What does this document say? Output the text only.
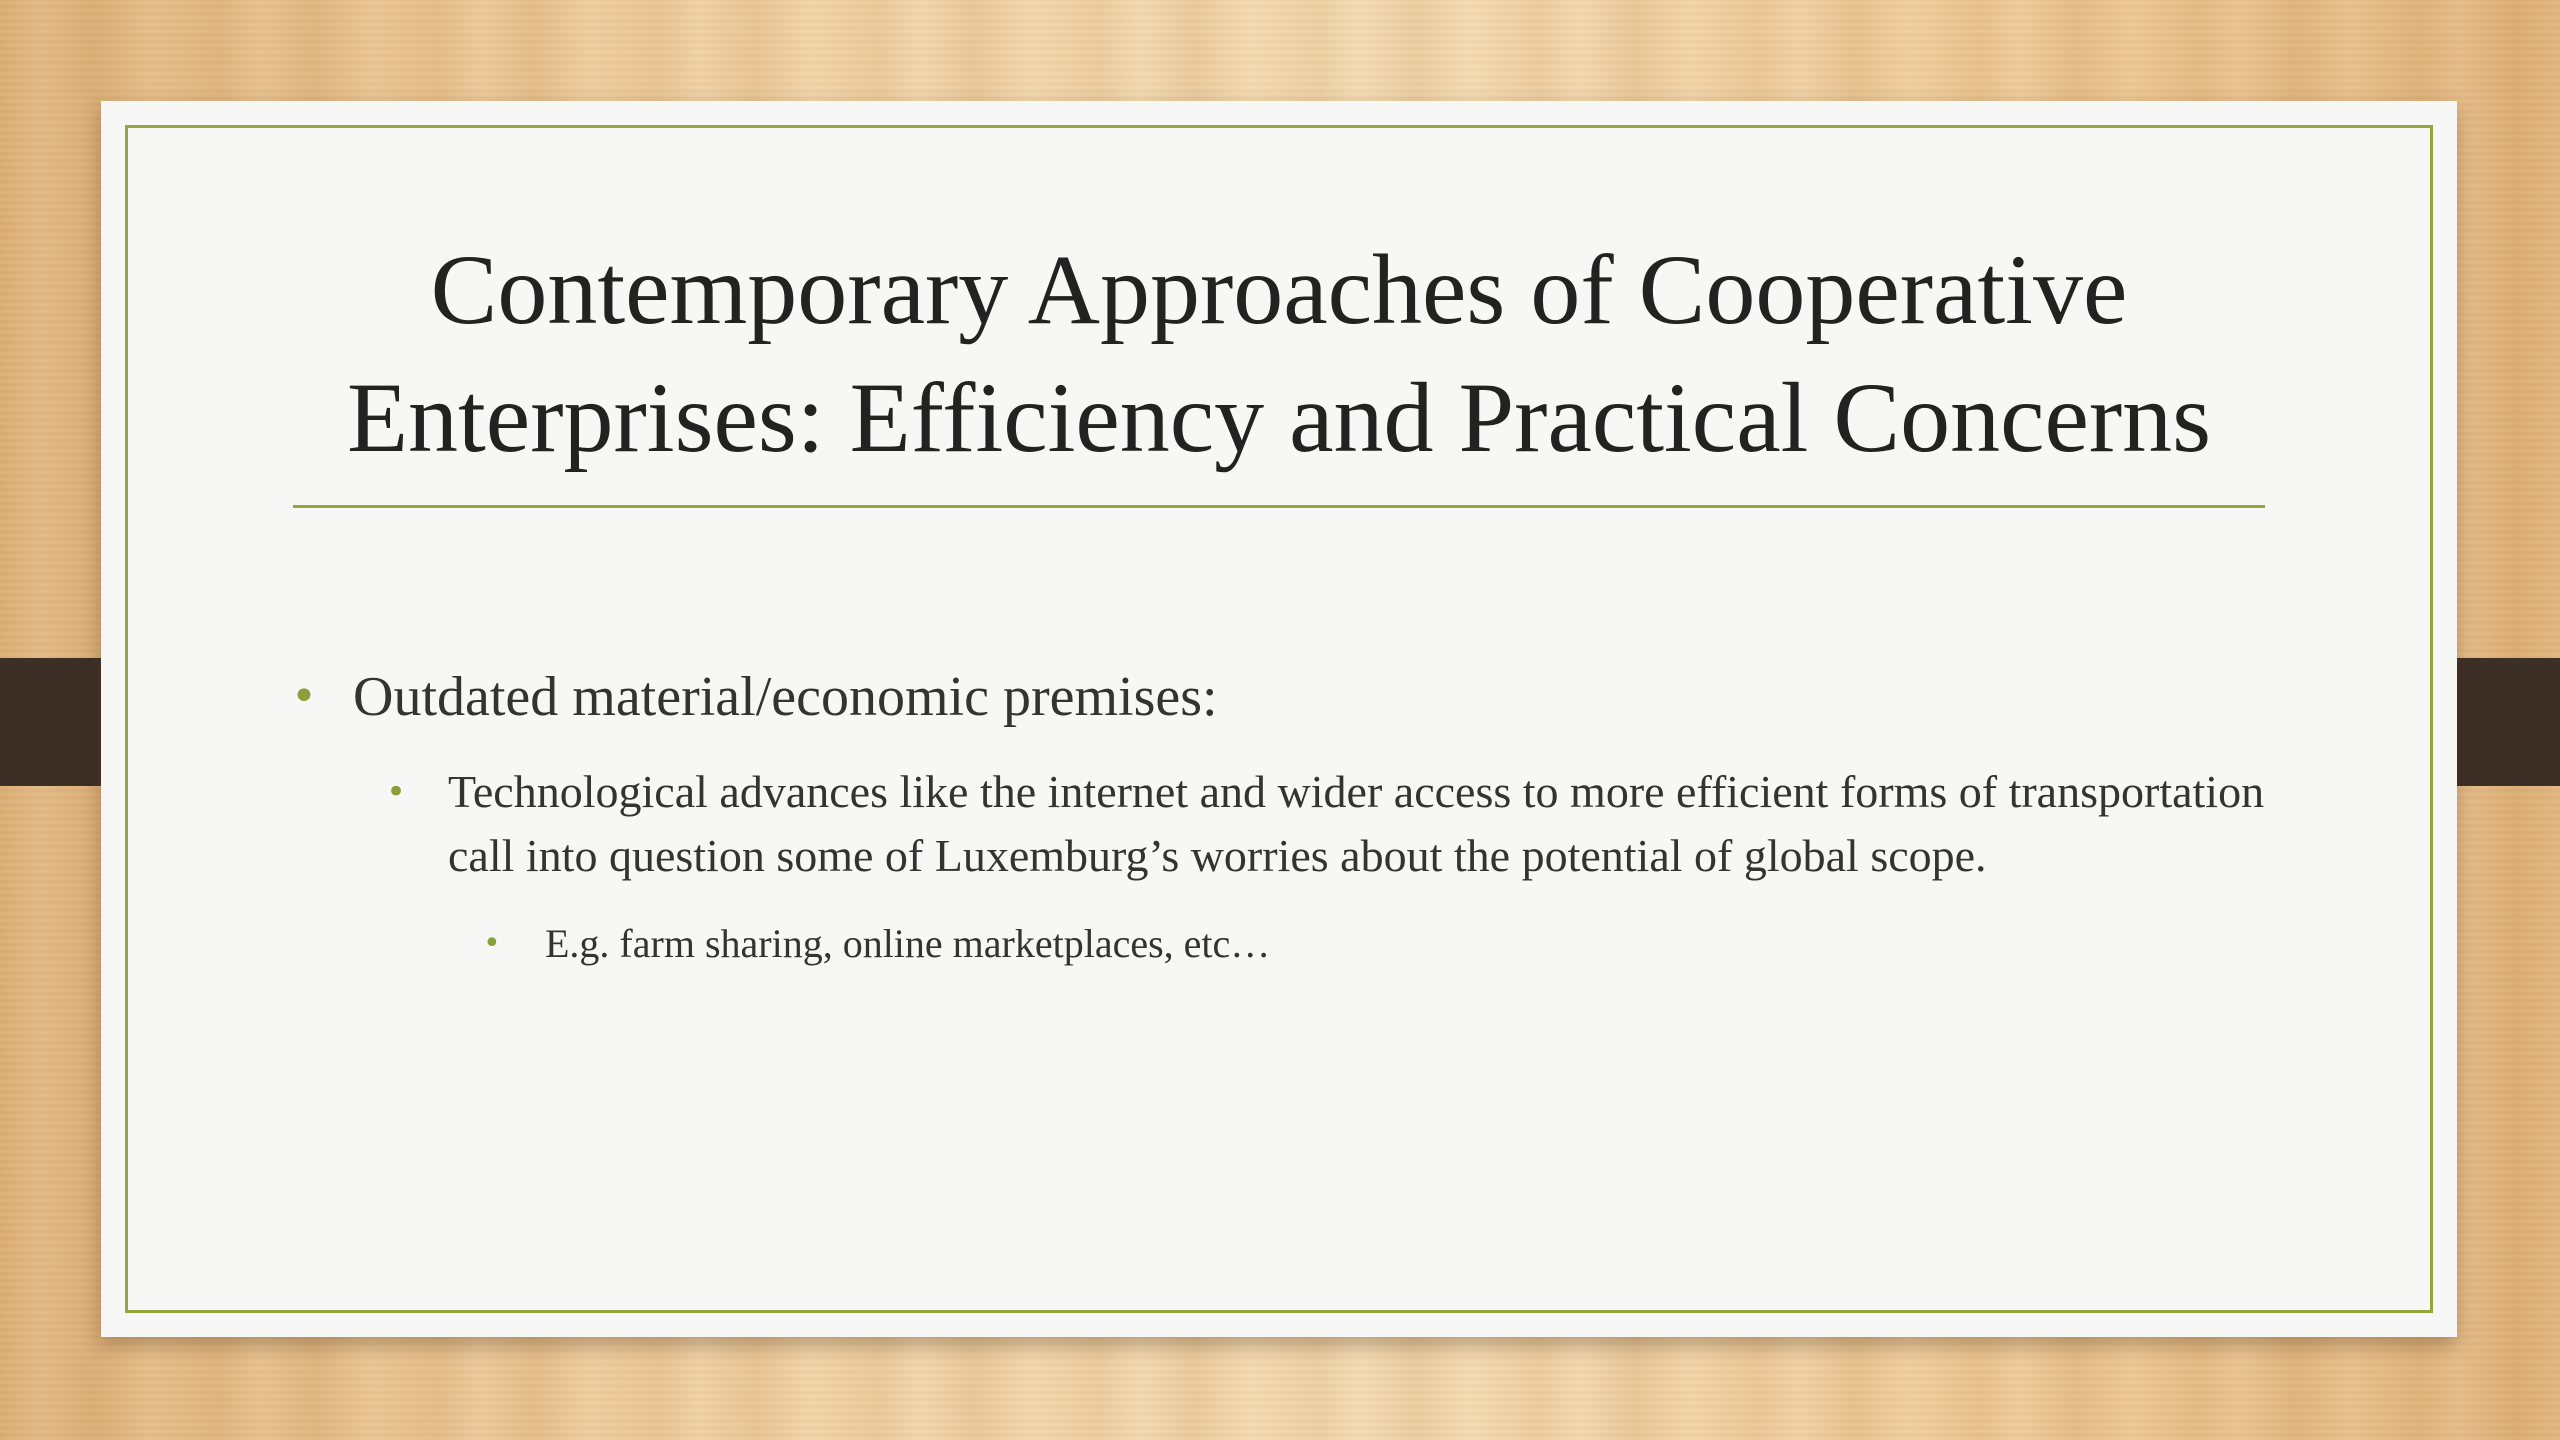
Contemporary Approaches of Cooperative Enterprises: Efficiency and Practical Concerns
• Outdated material/economic premises:
• Technological advances like the internet and wider access to more efficient forms of transportation call into question some of Luxemburg’s worries about the potential of global scope.
• E.g. farm sharing, online marketplaces, etc…
